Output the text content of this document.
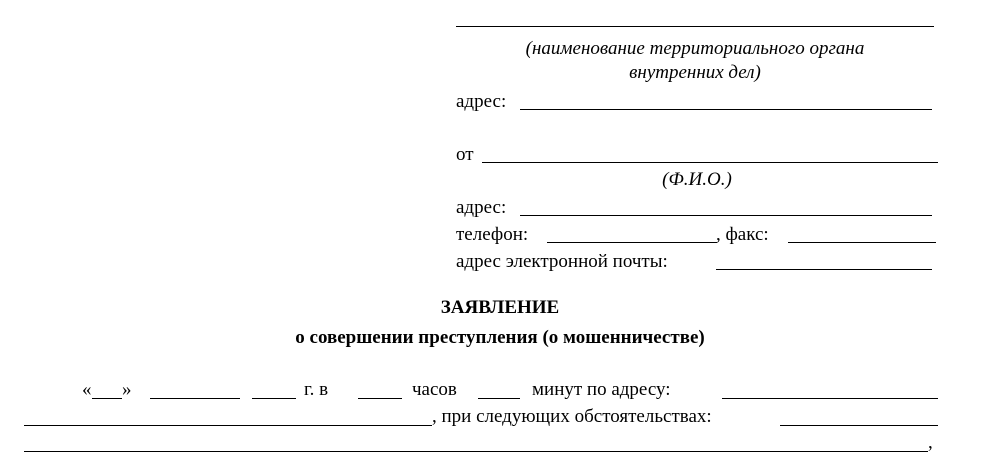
(наименование территориального органа
внутренних дел)
адрес:
от
(Ф.И.О.)
адрес:
телефон:	, факс:
адрес электронной почты:
ЗАЯВЛЕНИЕ
о совершении преступления (о мошенничестве)
« »	г. в	часов	минут по адресу:
, при следующих обстоятельствах:
,
